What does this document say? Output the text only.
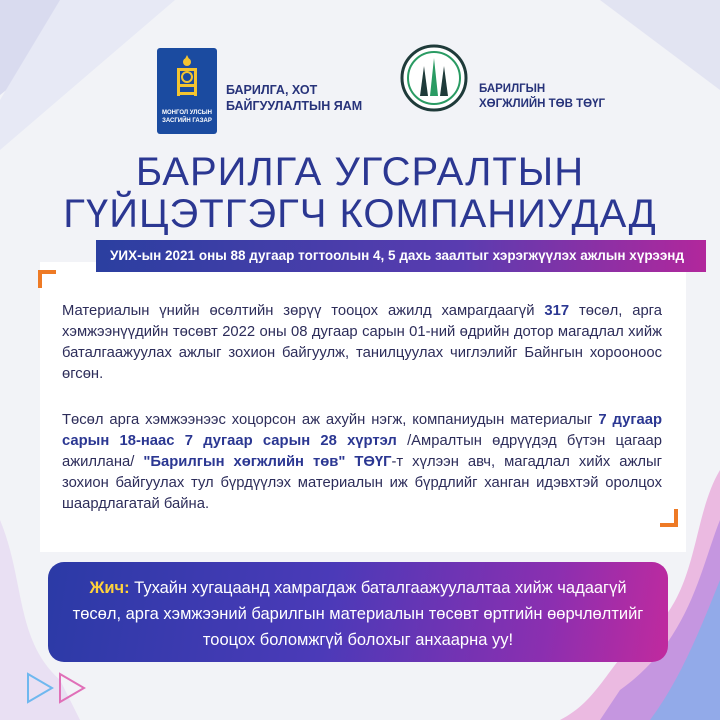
МОНГОЛ УЛСЫН
ЗАСГИЙН ГАЗАР
БАРИЛГА, ХОТ
БАЙГУУЛАЛТЫН ЯАМ
БАРИЛГЫН
ХӨГЖЛИЙН ТӨВ ТӨҮГ
БАРИЛГА УГСРАЛТЫН
ГҮЙЦЭТГЭГЧ КОМПАНИУДАД
УИХ-ын 2021 оны 88 дугаар тогтоолын 4, 5 дахь заалтыг хэрэгжүүлэх ажлын хүрээнд
Материалын үнийн өсөлтийн зөрүү тооцох ажилд хамрагдаагүй 317 төсөл, арга хэмжээнүүдийн төсөвт 2022 оны 08 дугаар сарын 01-ний өдрийн дотор магадлал хийж баталгаажуулах ажлыг зохион байгуулж, танилцуулах чиглэлийг Байнгын хорооноос өгсөн.
Төсөл арга хэмжээнээс хоцорсон аж ахуйн нэгж, компаниудын материалыг 7 дугаар сарын 18-наас 7 дугаар сарын 28 хүртэл /Амралтын өдрүүдэд бүтэн цагаар ажиллана/ "Барилгын хөгжлийн төв" ТӨҮГ-т хүлээн авч, магадлал хийх ажлыг зохион байгуулах тул бүрдүүлэх материалын иж бүрдлийг ханган идэвхтэй оролцох шаардлагатай байна.
Жич: Тухайн хугацаанд хамрагдаж баталгаажуулалтаа хийж чадаагүй төсөл, арга хэмжээний барилгын материалын төсөвт өртгийн өөрчлөлтийг тооцох боломжгүй болохыг анхаарна уу!
